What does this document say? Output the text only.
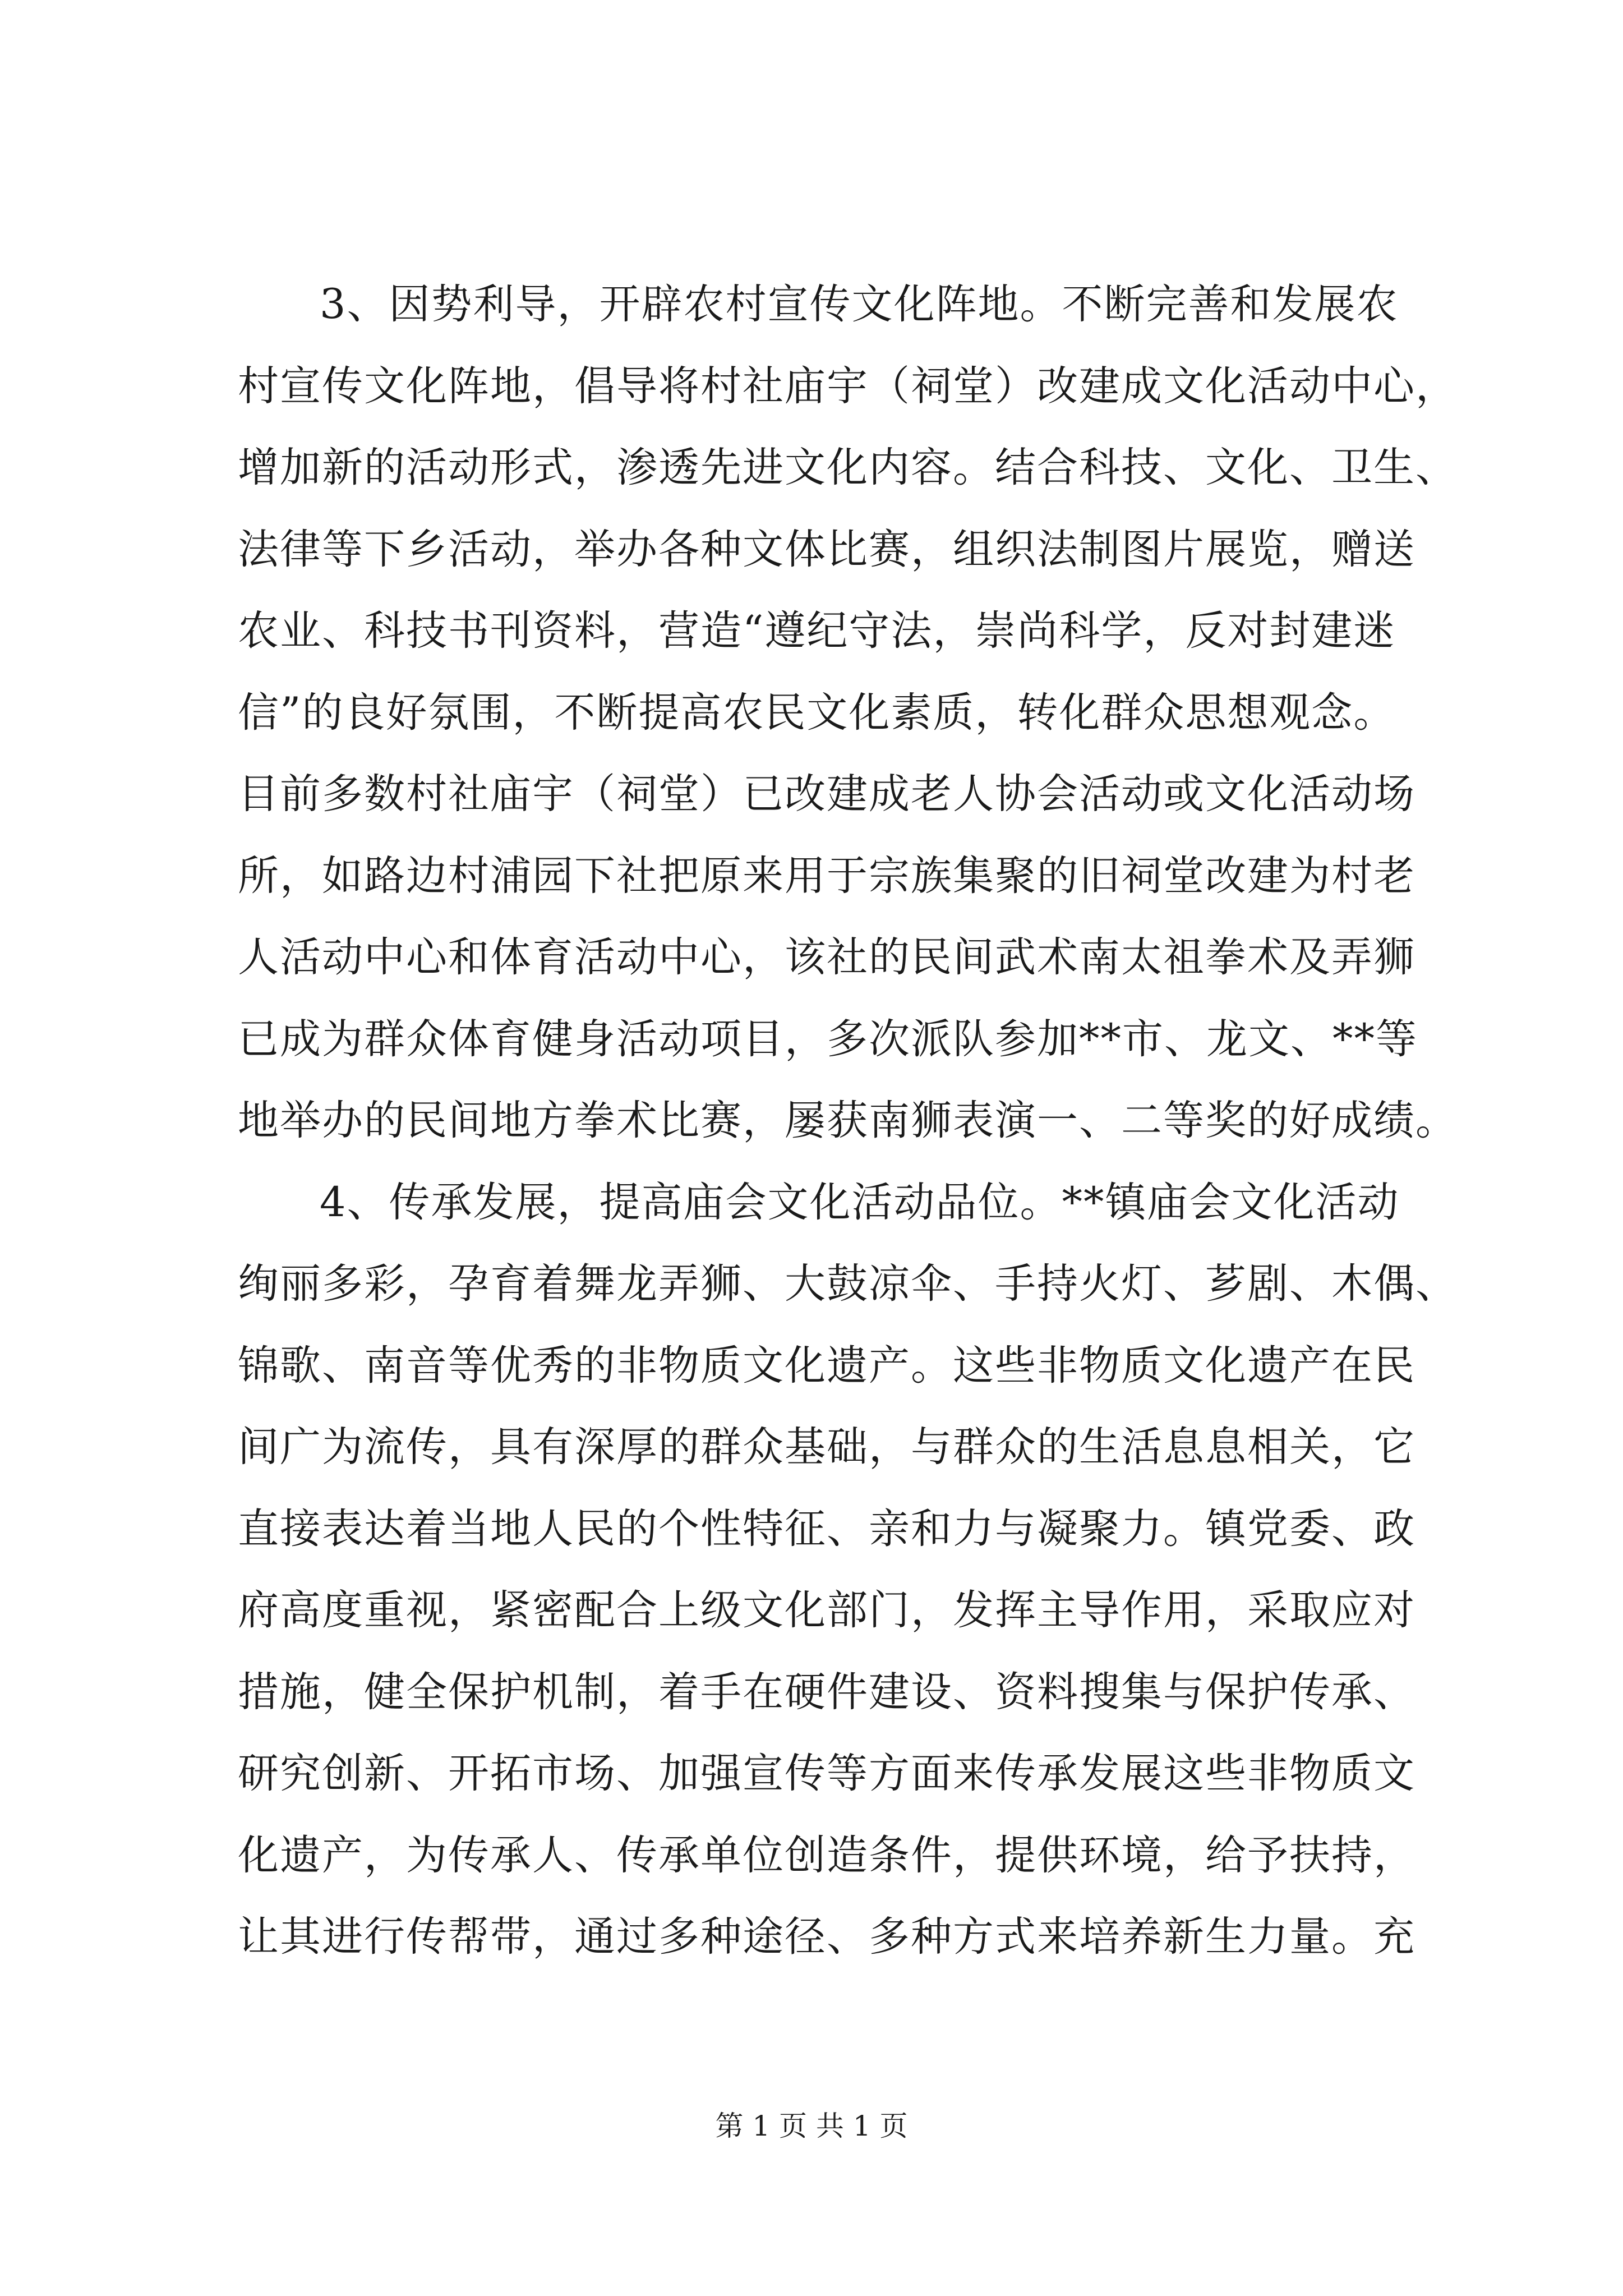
3、因势利导，开辟农村宣传文化阵地。不断完善和发展农
村宣传文化阵地，倡导将村社庙宇（祠堂）改建成文化活动中心，
增加新的活动形式，渗透先进文化内容。结合科技、文化、卫生、
法律等下乡活动，举办各种文体比赛，组织法制图片展览，赠送
农业、科技书刊资料，营造“遵纪守法，崇尚科学，反对封建迷
信”的良好氛围，不断提高农民文化素质，转化群众思想观念。
目前多数村社庙宇（祠堂）已改建成老人协会活动或文化活动场
所，如路边村浦园下社把原来用于宗族集聚的旧祠堂改建为村老
人活动中心和体育活动中心，该社的民间武术南太祖拳术及弄狮
已成为群众体育健身活动项目，多次派队参加**市、龙文、**等
地举办的民间地方拳术比赛，屡获南狮表演一、二等奖的好成绩。
4、传承发展，提高庙会文化活动品位。**镇庙会文化活动
绚丽多彩，孕育着舞龙弄狮、大鼓凉伞、手持火灯、芗剧、木偶、
锦歌、南音等优秀的非物质文化遗产。这些非物质文化遗产在民
间广为流传，具有深厚的群众基础，与群众的生活息息相关，它
直接表达着当地人民的个性特征、亲和力与凝聚力。镇党委、政
府高度重视，紧密配合上级文化部门，发挥主导作用，采取应对
措施，健全保护机制，着手在硬件建设、资料搜集与保护传承、
研究创新、开拓市场、加强宣传等方面来传承发展这些非物质文
化遗产，为传承人、传承单位创造条件，提供环境，给予扶持，
让其进行传帮带，通过多种途径、多种方式来培养新生力量。充
第 1 页 共 1 页
